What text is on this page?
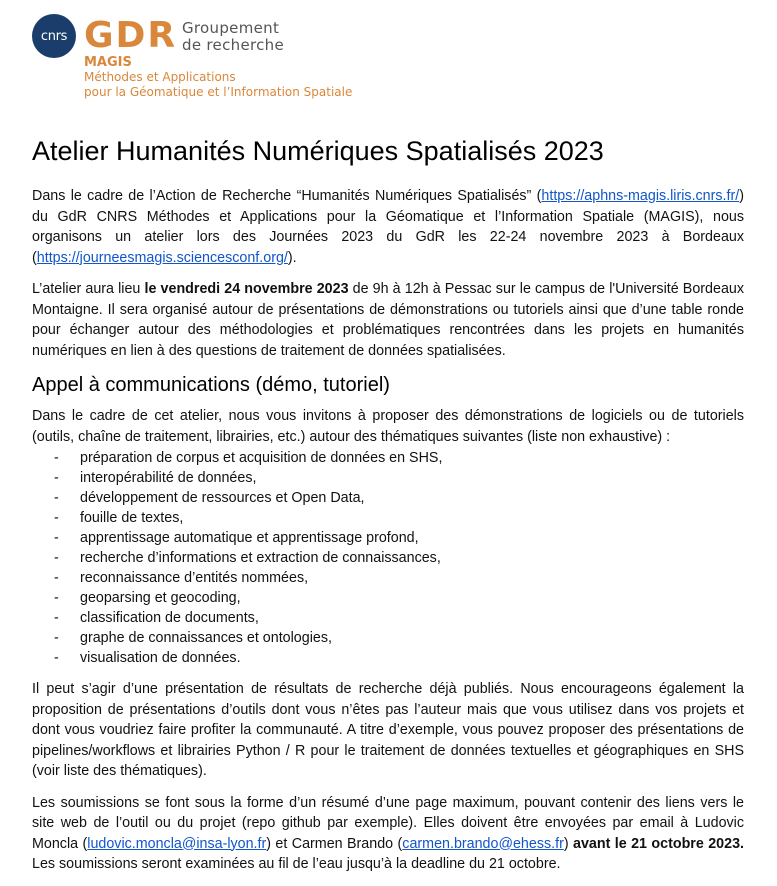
cnrs GDR Groupement
de recherche
MAGIS
Méthodes et Applications
pour la Géomatique et l’Information Spatiale
Atelier Humanités Numériques Spatialisés 2023

Dans le cadre de l’Action de Recherche “Humanités Numériques Spatialisés” (https://aphns-magis.liris.cnrs.fr/) du GdR CNRS Méthodes et Applications pour la Géomatique et l’Information Spatiale (MAGIS), nous organisons un atelier lors des Journées 2023 du GdR les 22-24 novembre 2023 à Bordeaux (https://journeesmagis.sciencesconf.org/).

L’atelier aura lieu le vendredi 24 novembre 2023 de 9h à 12h à Pessac sur le campus de l'Université Bordeaux Montaigne. Il sera organisé autour de présentations de démonstrations ou tutoriels ainsi que d’une table ronde pour échanger autour des méthodologies et problématiques rencontrées dans les projets en humanités numériques en lien à des questions de traitement de données spatialisées.

Appel à communications (démo, tutoriel)

Dans le cadre de cet atelier, nous vous invitons à proposer des démonstrations de logiciels ou de tutoriels (outils, chaîne de traitement, librairies, etc.) autour des thématiques suivantes (liste non exhaustive) :

- préparation de corpus et acquisition de données en SHS,
- interopérabilité de données,
- développement de ressources et Open Data,
- fouille de textes,
- apprentissage automatique et apprentissage profond,
- recherche d’informations et extraction de connaissances,
- reconnaissance d’entités nommées,
- geoparsing et geocoding,
- classification de documents,
- graphe de connaissances et ontologies,
- visualisation de données.

Il peut s’agir d’une présentation de résultats de recherche déjà publiés. Nous encourageons également la proposition de présentations d’outils dont vous n’êtes pas l’auteur mais que vous utilisez dans vos projets et dont vous voudriez faire profiter la communauté. A titre d’exemple, vous pouvez proposer des présentations de pipelines/workflows et librairies Python / R pour le traitement de données textuelles et géographiques en SHS (voir liste des thématiques).

Les soumissions se font sous la forme d’un résumé d’une page maximum, pouvant contenir des liens vers le site web de l’outil ou du projet (repo github par exemple). Elles doivent être envoyées par email à Ludovic Moncla (ludovic.moncla@insa-lyon.fr) et Carmen Brando (carmen.brando@ehess.fr) avant le 21 octobre 2023. Les soumissions seront examinées au fil de l’eau jusqu’à la deadline du 21 octobre.
